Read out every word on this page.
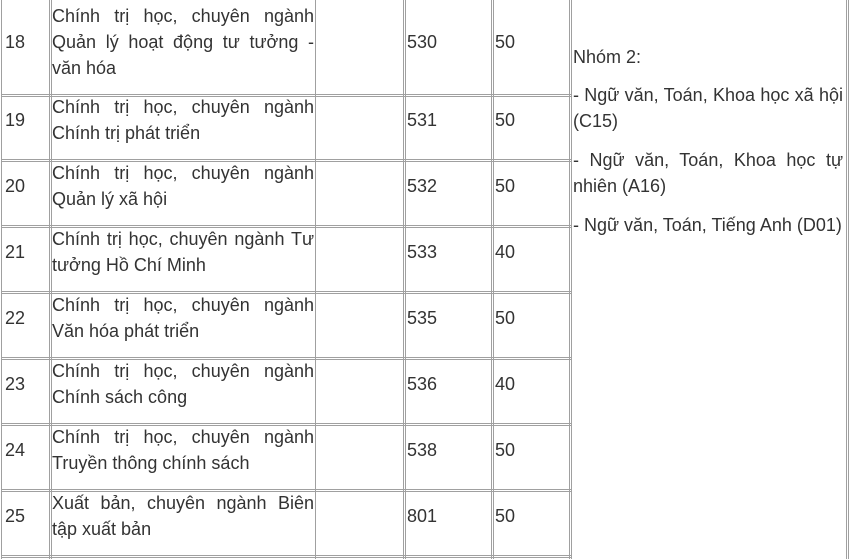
18
Chính trị học, chuyên ngành Quản lý hoạt động tư tưởng - văn hóa
530	50
19
Chính trị học, chuyên ngành Chính trị phát triển
531	50
20
Chính trị học, chuyên ngành Quản lý xã hội
532	50
21
Chính trị học, chuyên ngành Tư tưởng Hồ Chí Minh
533	40
22
Chính trị học, chuyên ngành Văn hóa phát triển
535	50
23
Chính trị học, chuyên ngành Chính sách công
536	40
24
Chính trị học, chuyên ngành Truyền thông chính sách
538	50
25
Xuất bản, chuyên ngành Biên tập xuất bản
801	50

Nhóm 2:

- Ngữ văn, Toán, Khoa học xã hội (C15)

- Ngữ văn, Toán, Khoa học tự nhiên (A16)

- Ngữ văn, Toán, Tiếng Anh (D01)
